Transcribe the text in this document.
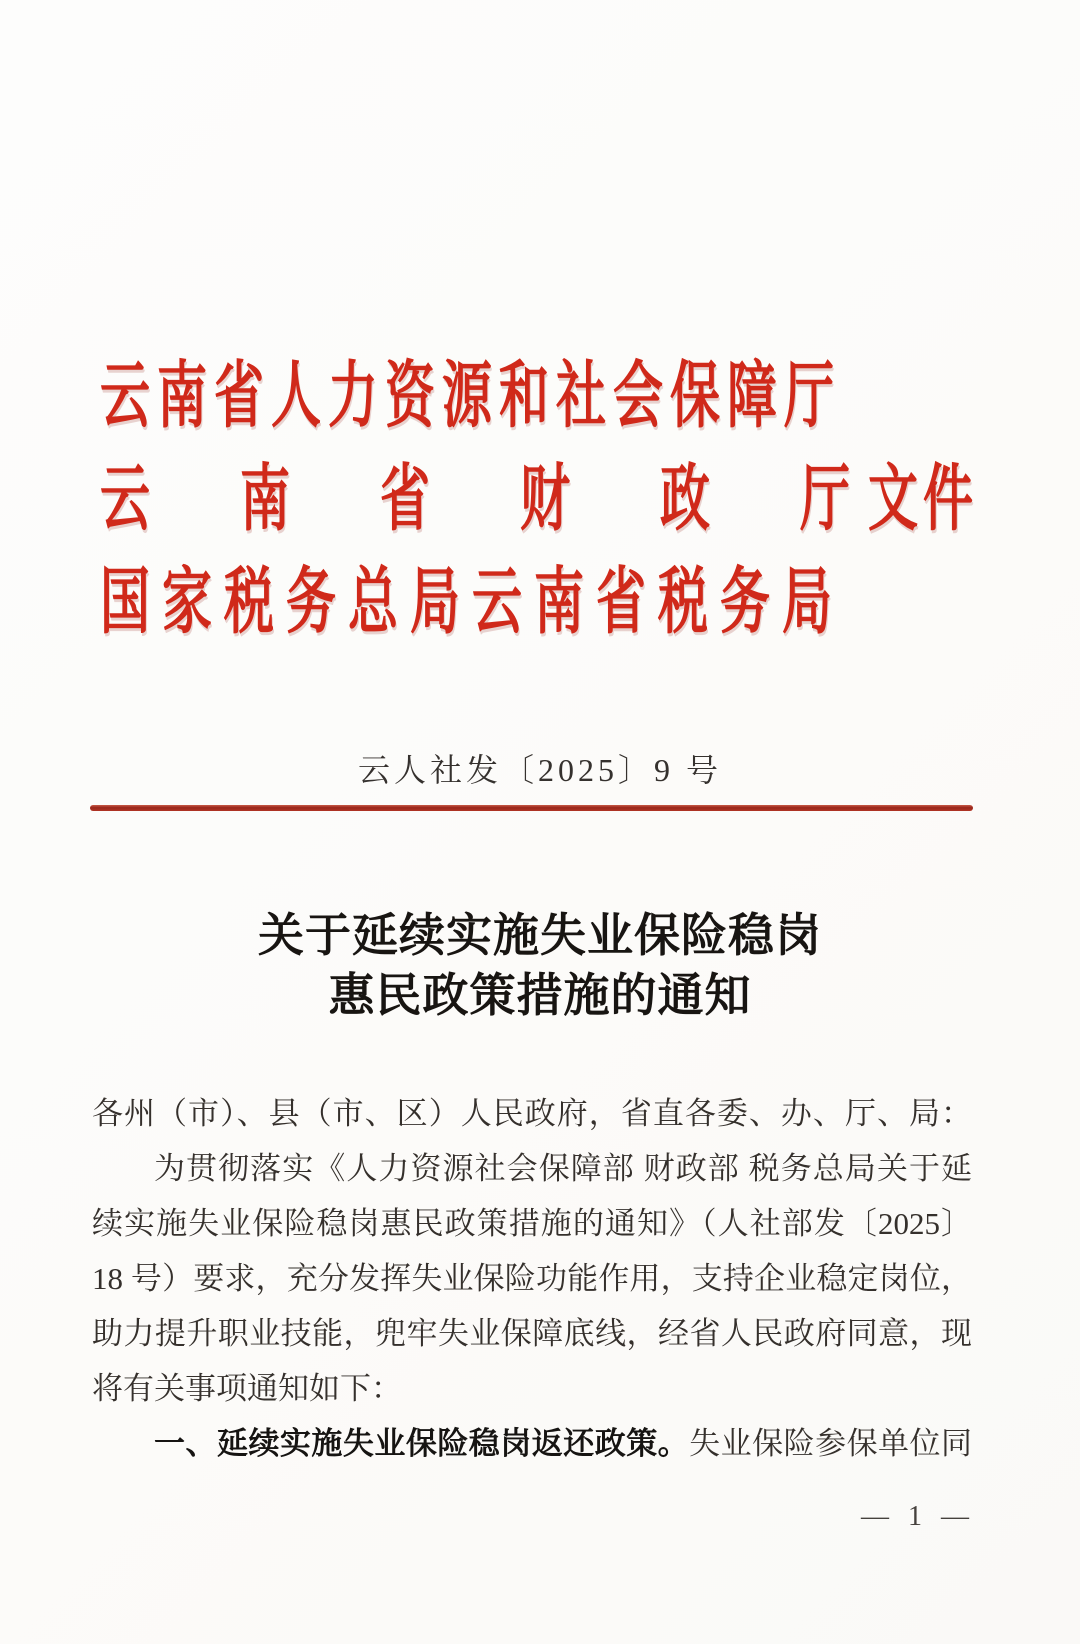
云南省人力资源和社会保障厅
云 南 省 财 政 厅 文件
国家税务总局云南省税务局
云人社发〔2025〕9 号
关于延续实施失业保险稳岗
惠民政策措施的通知
各州（市）、县（市、区）人民政府，省直各委、办、厅、局：
为贯彻落实《人力资源社会保障部 财政部 税务总局关于延
续实施失业保险稳岗惠民政策措施的通知》（人社部发〔2025〕
18 号）要求，充分发挥失业保险功能作用，支持企业稳定岗位，
助力提升职业技能，兜牢失业保障底线，经省人民政府同意，现
将有关事项通知如下：
一、延续实施失业保险稳岗返还政策。失业保险参保单位同
— 1 —
